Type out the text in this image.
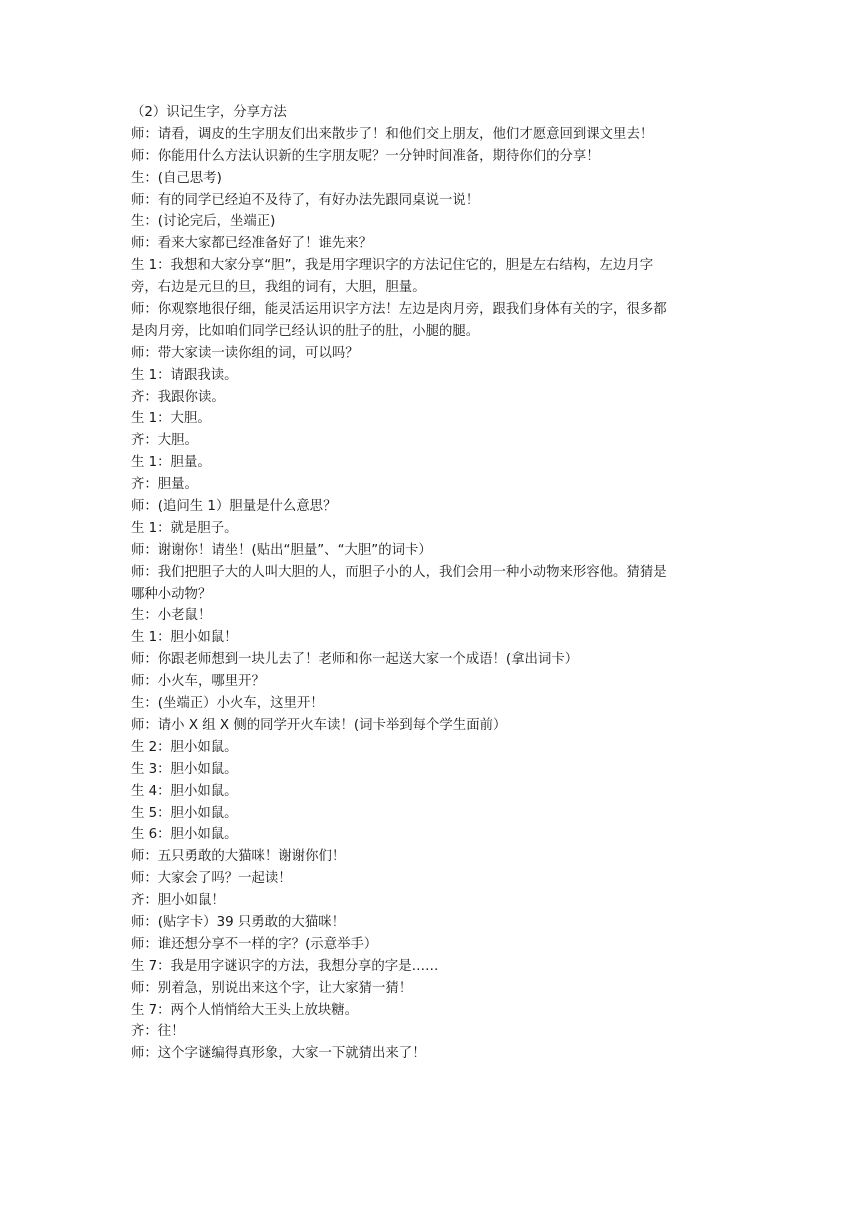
（2）识记生字，分享方法
师：请看，调皮的生字朋友们出来散步了！和他们交上朋友，他们才愿意回到课文里去！
师：你能用什么方法认识新的生字朋友呢？一分钟时间准备，期待你们的分享！
生：(自己思考)
师：有的同学已经迫不及待了，有好办法先跟同桌说一说！
生：(讨论完后，坐端正)
师：看来大家都已经准备好了！谁先来？
生 1：我想和大家分享“胆”，我是用字理识字的方法记住它的，胆是左右结构，左边月字
旁，右边是元旦的旦，我组的词有，大胆，胆量。
师：你观察地很仔细，能灵活运用识字方法！左边是肉月旁，跟我们身体有关的字，很多都
是肉月旁，比如咱们同学已经认识的肚子的肚，小腿的腿。
师：带大家读一读你组的词，可以吗？
生 1：请跟我读。
齐：我跟你读。
生 1：大胆。
齐：大胆。
生 1：胆量。
齐：胆量。
师：(追问生 1）胆量是什么意思？
生 1：就是胆子。
师：谢谢你！请坐！(贴出“胆量”、“大胆”的词卡）
师：我们把胆子大的人叫大胆的人，而胆子小的人，我们会用一种小动物来形容他。猜猜是
哪种小动物？
生：小老鼠！
生 1：胆小如鼠！
师：你跟老师想到一块儿去了！老师和你一起送大家一个成语！(拿出词卡）
师：小火车，哪里开？
生：(坐端正）小火车，这里开！
师：请小 X 组 X 侧的同学开火车读！(词卡举到每个学生面前）
生 2：胆小如鼠。
生 3：胆小如鼠。
生 4：胆小如鼠。
生 5：胆小如鼠。
生 6：胆小如鼠。
师：五只勇敢的大猫咪！谢谢你们！
师：大家会了吗？一起读！
齐：胆小如鼠！
师：(贴字卡）39 只勇敢的大猫咪！
师：谁还想分享不一样的字？(示意举手）
生 7：我是用字谜识字的方法，我想分享的字是……
师：别着急，别说出来这个字，让大家猜一猜！
生 7：两个人悄悄给大王头上放块糖。
齐：往！
师：这个字谜编得真形象，大家一下就猜出来了！
